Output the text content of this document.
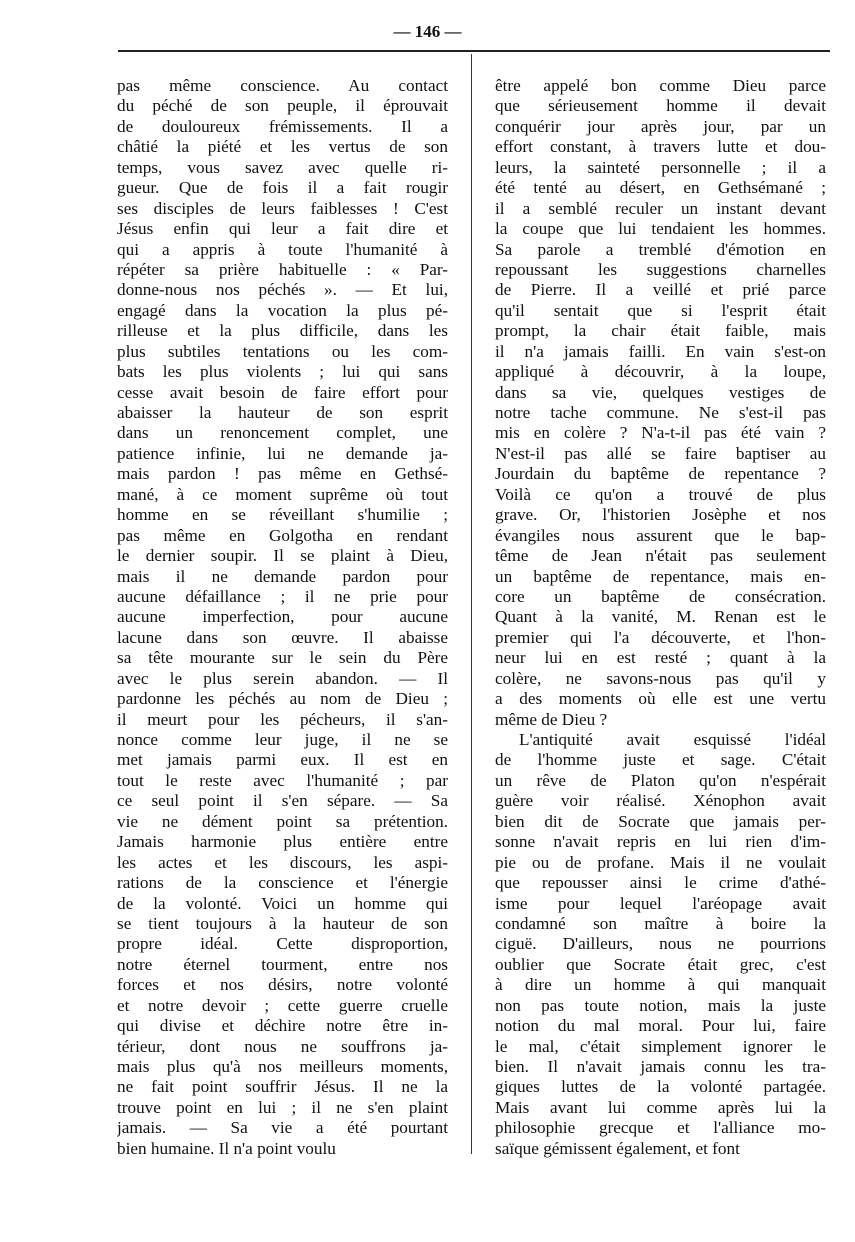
— 146 —
pas même conscience. Au contact
du péché de son peuple, il éprouvait
de douloureux frémissements. Il a
châtié la piété et les vertus de son
temps, vous savez avec quelle ri-
gueur. Que de fois il a fait rougir
ses disciples de leurs faiblesses ! C'est
Jésus enfin qui leur a fait dire et
qui a appris à toute l'humanité à
répéter sa prière habituelle : « Par-
donne-nous nos péchés ». — Et lui,
engagé dans la vocation la plus pé-
rilleuse et la plus difficile, dans les
plus subtiles tentations ou les com-
bats les plus violents ; lui qui sans
cesse avait besoin de faire effort pour
abaisser la hauteur de son esprit
dans un renoncement complet, une
patience infinie, lui ne demande ja-
mais pardon ! pas même en Gethsé-
mané, à ce moment suprême où tout
homme en se réveillant s'humilie ;
pas même en Golgotha en rendant
le dernier soupir. Il se plaint à Dieu,
mais il ne demande pardon pour
aucune défaillance ; il ne prie pour
aucune imperfection, pour aucune
lacune dans son œuvre. Il abaisse
sa tête mourante sur le sein du Père
avec le plus serein abandon. — Il
pardonne les péchés au nom de Dieu ;
il meurt pour les pécheurs, il s'an-
nonce comme leur juge, il ne se
met jamais parmi eux. Il est en
tout le reste avec l'humanité ; par
ce seul point il s'en sépare. — Sa
vie ne dément point sa prétention.
Jamais harmonie plus entière entre
les actes et les discours, les aspi-
rations de la conscience et l'énergie
de la volonté. Voici un homme qui
se tient toujours à la hauteur de son
propre idéal. Cette disproportion,
notre éternel tourment, entre nos
forces et nos désirs, notre volonté
et notre devoir ; cette guerre cruelle
qui divise et déchire notre être in-
térieur, dont nous ne souffrons ja-
mais plus qu'à nos meilleurs moments,
ne fait point souffrir Jésus. Il ne la
trouve point en lui ; il ne s'en plaint
jamais. — Sa vie a été pourtant
bien humaine. Il n'a point voulu
être appelé bon comme Dieu parce
que sérieusement homme il devait
conquérir jour après jour, par un
effort constant, à travers lutte et dou-
leurs, la sainteté personnelle ; il a
été tenté au désert, en Gethsémané ;
il a semblé reculer un instant devant
la coupe que lui tendaient les hommes.
Sa parole a tremblé d'émotion en
repoussant les suggestions charnelles
de Pierre. Il a veillé et prié parce
qu'il sentait que si l'esprit était
prompt, la chair était faible, mais
il n'a jamais failli. En vain s'est-on
appliqué à découvrir, à la loupe,
dans sa vie, quelques vestiges de
notre tache commune. Ne s'est-il pas
mis en colère ? N'a-t-il pas été vain ?
N'est-il pas allé se faire baptiser au
Jourdain du baptême de repentance ?
Voilà ce qu'on a trouvé de plus
grave. Or, l'historien Josèphe et nos
évangiles nous assurent que le bap-
tême de Jean n'était pas seulement
un baptême de repentance, mais en-
core un baptême de consécration.
Quant à la vanité, M. Renan est le
premier qui l'a découverte, et l'hon-
neur lui en est resté ; quant à la
colère, ne savons-nous pas qu'il y
a des moments où elle est une vertu
même de Dieu ?
L'antiquité avait esquissé l'idéal
de l'homme juste et sage. C'était
un rêve de Platon qu'on n'espérait
guère voir réalisé. Xénophon avait
bien dit de Socrate que jamais per-
sonne n'avait repris en lui rien d'im-
pie ou de profane. Mais il ne voulait
que repousser ainsi le crime d'athé-
isme pour lequel l'aréopage avait
condamné son maître à boire la
ciguë. D'ailleurs, nous ne pourrions
oublier que Socrate était grec, c'est
à dire un homme à qui manquait
non pas toute notion, mais la juste
notion du mal moral. Pour lui, faire
le mal, c'était simplement ignorer le
bien. Il n'avait jamais connu les tra-
giques luttes de la volonté partagée.
Mais avant lui comme après lui la
philosophie grecque et l'alliance mo-
saïque gémissent également, et font
